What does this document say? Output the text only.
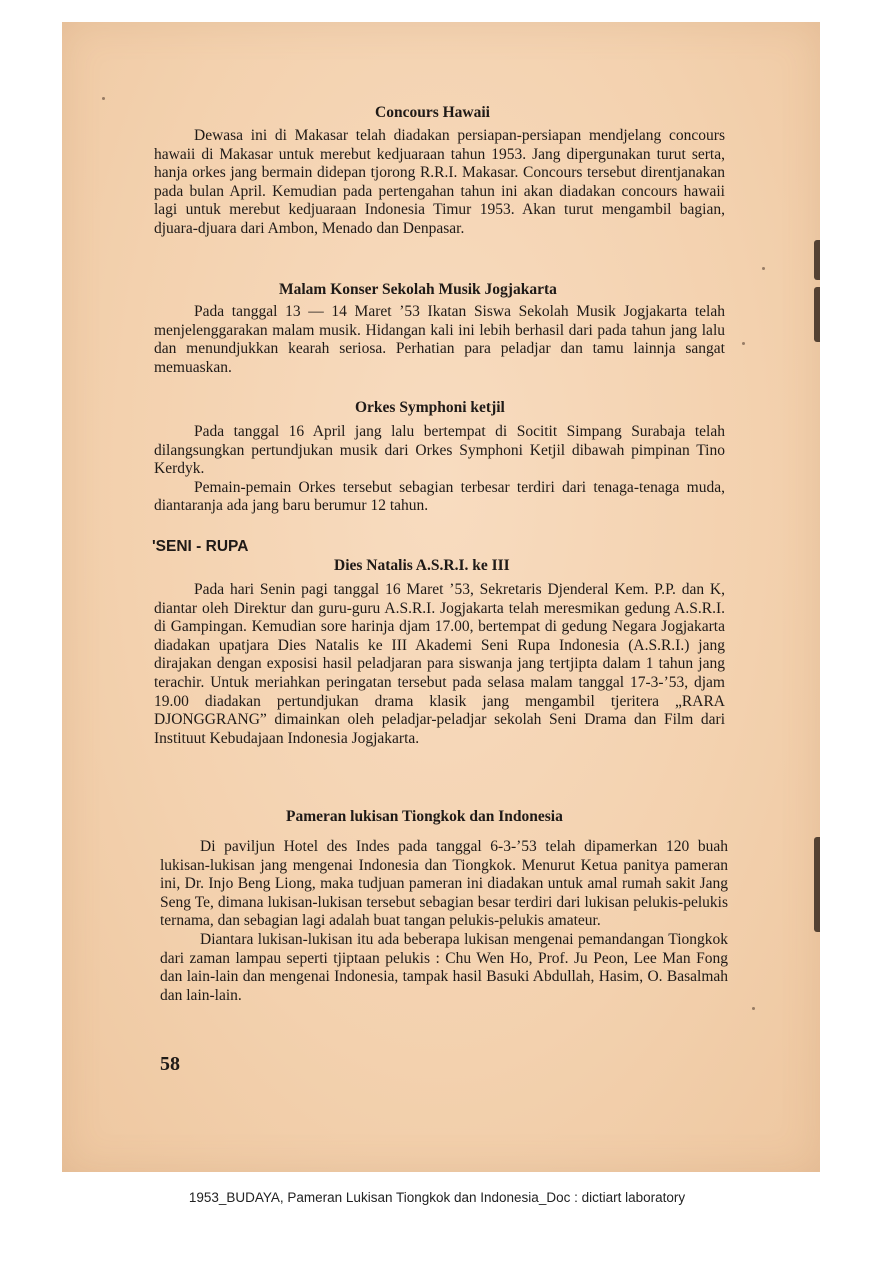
Concours Hawaii

Dewasa ini di Makasar telah diadakan persiapan-persiapan mendjelang concours hawaii di Makasar untuk merebut kedjuaraan tahun 1953. Jang dipergunakan turut serta, hanja orkes jang bermain didepan tjorong R.R.I. Makasar. Concours tersebut direntjanakan pada bulan April. Kemudian pada pertengahan tahun ini akan diadakan concours hawaii lagi untuk merebut kedjuaraan Indonesia Timur 1953. Akan turut mengambil bagian, djuara-djuara dari Ambon, Menado dan Denpasar.

Malam Konser Sekolah Musik Jogjakarta

Pada tanggal 13 — 14 Maret ’53 Ikatan Siswa Sekolah Musik Jogjakarta telah menjelenggarakan malam musik. Hidangan kali ini lebih berhasil dari pada tahun jang lalu dan menundjukkan kearah seriosa. Perhatian para peladjar dan tamu lainnja sangat memuaskan.

Orkes Symphoni ketjil

Pada tanggal 16 April jang lalu bertempat di Socitit Simpang Surabaja telah dilangsungkan pertundjukan musik dari Orkes Symphoni Ketjil dibawah pimpinan Tino Kerdyk.

Pemain-pemain Orkes tersebut sebagian terbesar terdiri dari tenaga-tenaga muda, diantaranja ada jang baru berumur 12 tahun.

'SENI - RUPA
Dies Natalis A.S.R.I. ke III

Pada hari Senin pagi tanggal 16 Maret ’53, Sekretaris Djenderal Kem. P.P. dan K, diantar oleh Direktur dan guru-guru A.S.R.I. Jogjakarta telah meresmikan gedung A.S.R.I. di Gampingan. Kemudian sore harinja djam 17.00, bertempat di gedung Negara Jogjakarta diadakan upatjara Dies Natalis ke III Akademi Seni Rupa Indonesia (A.S.R.I.) jang dirajakan dengan exposisi hasil peladjaran para siswanja jang tertjipta dalam 1 tahun jang terachir. Untuk meriahkan peringatan tersebut pada selasa malam tanggal 17-3-’53, djam 19.00 diadakan pertundjukan drama klasik jang mengambil tjeritera „RARA DJONGGRANG” dimainkan oleh peladjar-peladjar sekolah Seni Drama dan Film dari Instituut Kebudajaan Indonesia Jogjakarta.

Pameran lukisan Tiongkok dan Indonesia

Di paviljun Hotel des Indes pada tanggal 6-3-’53 telah dipamerkan 120 buah lukisan-lukisan jang mengenai Indonesia dan Tiongkok. Menurut Ketua panitya pameran ini, Dr. Injo Beng Liong, maka tudjuan pameran ini diadakan untuk amal rumah sakit Jang Seng Te, dimana lukisan-lukisan tersebut sebagian besar terdiri dari lukisan pelukis-pelukis ternama, dan sebagian lagi adalah buat tangan pelukis-pelukis amateur.

Diantara lukisan-lukisan itu ada beberapa lukisan mengenai pemandangan Tiongkok dari zaman lampau seperti tjiptaan pelukis : Chu Wen Ho, Prof. Ju Peon, Lee Man Fong dan lain-lain dan mengenai Indonesia, tampak hasil Basuki Abdullah, Hasim, O. Basalmah dan lain-lain.

58
1953_BUDAYA, Pameran Lukisan Tiongkok dan Indonesia_Doc : dictiart laboratory
